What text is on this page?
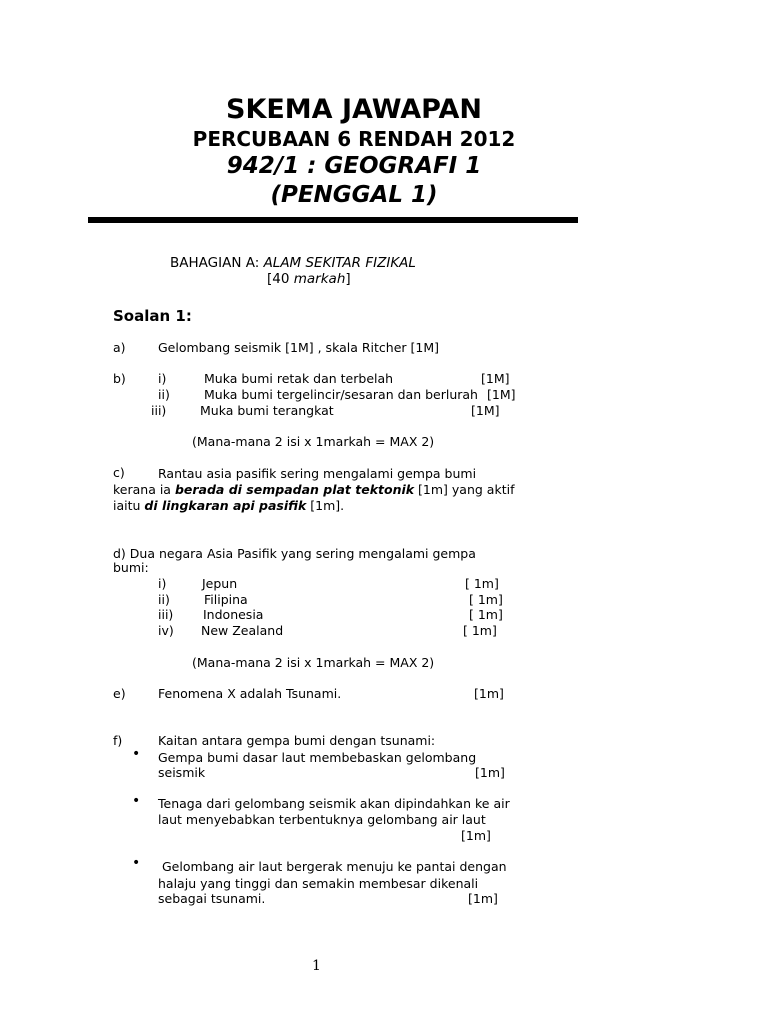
SKEMA JAWAPAN
PERCUBAAN 6 RENDAH 2012
942/1 : GEOGRAFI 1
(PENGGAL 1)
BAHAGIAN A: ALAM SEKITAR FIZIKAL
[40 markah]
Soalan 1:
a)	Gelombang seismik [1M] , skala Ritcher [1M]
b)	i)	Muka bumi retak dan terbelah	[1M]
ii)	Muka bumi tergelincir/sesaran dan berlurah [1M]
iii)	Muka bumi terangkat	[1M]
(Mana-mana 2 isi x 1markah = MAX 2)
c)	Rantau asia pasifik sering mengalami gempa bumi
kerana ia berada di sempadan plat tektonik [1m] yang aktif
iaitu di lingkaran api pasifik [1m].
d) Dua negara Asia Pasifik yang sering mengalami gempa
bumi:
i)	Jepun	[ 1m]
ii)	Filipina	[ 1m]
iii) Indonesia	[ 1m]
iv) New Zealand	[ 1m]
(Mana-mana 2 isi x 1markah = MAX 2)
e)	Fenomena X adalah Tsunami.	[1m]
f)	Kaitan antara gempa bumi dengan tsunami:
• Gempa bumi dasar laut membebaskan gelombang
seismik	[1m]
• Tenaga dari gelombang seismik akan dipindahkan ke air
laut menyebabkan terbentuknya gelombang air laut
[1m]
• Gelombang air laut bergerak menuju ke pantai dengan
halaju yang tinggi dan semakin membesar dikenali
sebagai tsunami.	[1m]
1
